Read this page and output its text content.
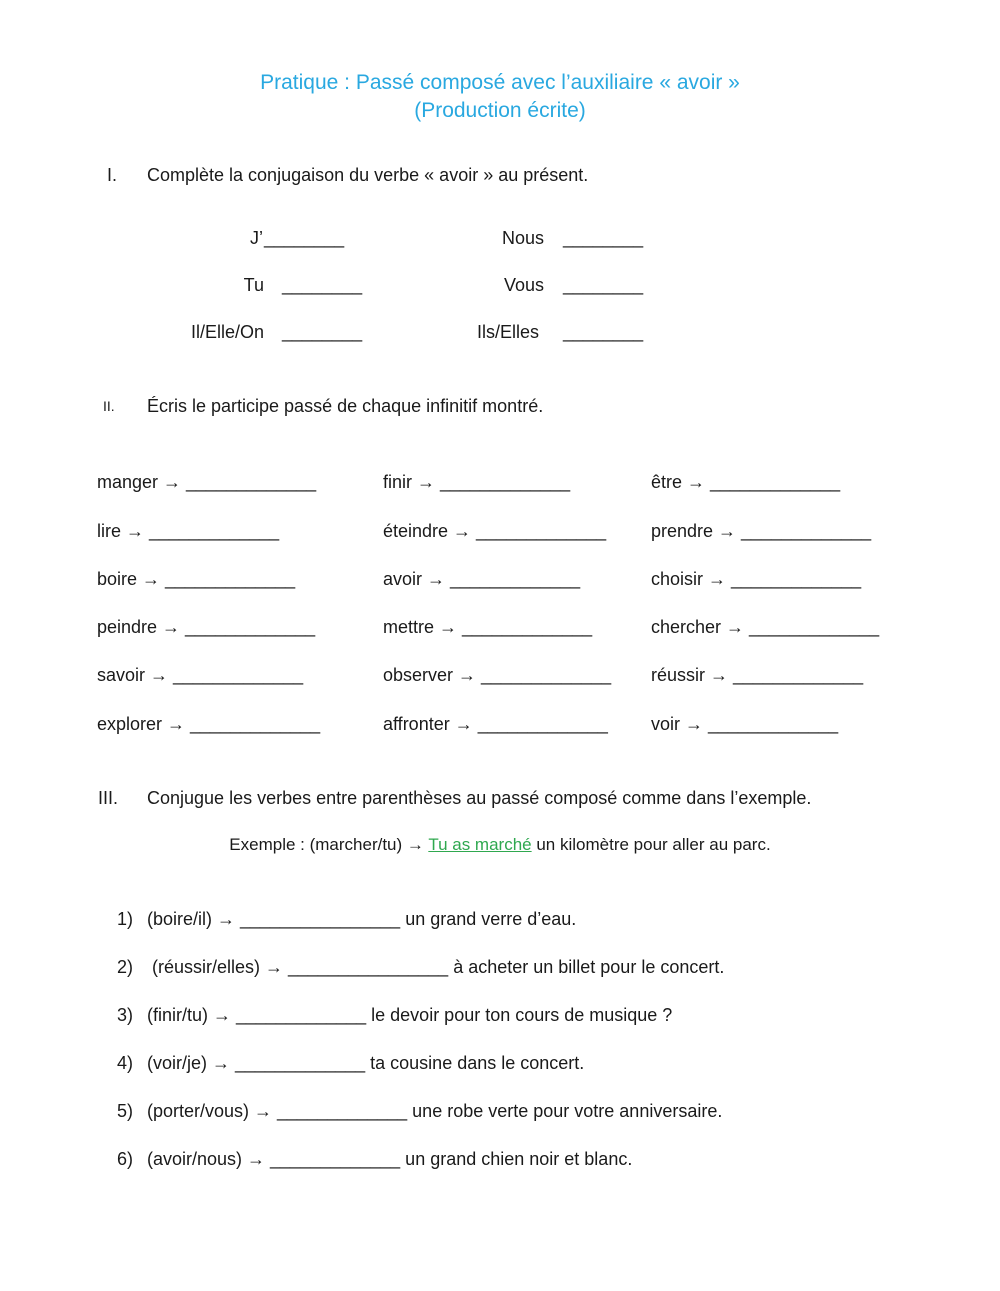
Pratique : Passé composé avec l’auxiliaire « avoir »
(Production écrite)
I. Complète la conjugaison du verbe « avoir » au présent.
J’ ________
Tu ________
Il/Elle/On ________
Nous ________
Vous ________
Ils/Elles ________
II. Écris le participe passé de chaque infinitif montré.
manger → _____________
lire → _____________
boire → _____________
peindre → _____________
savoir → _____________
explorer → _____________
finir → _____________
éteindre → _____________
avoir → _____________
mettre → _____________
observer → _____________
affronter → _____________
être → _____________
prendre → _____________
choisir → _____________
chercher → _____________
réussir → _____________
voir → _____________
III. Conjugue les verbes entre parenthèses au passé composé comme dans l’exemple.
Exemple : (marcher/tu) → Tu as marché un kilomètre pour aller au parc.
1) (boire/il) → ________________ un grand verre d’eau.
2) (réussir/elles) → ________________ à acheter un billet pour le concert.
3) (finir/tu) → _____________ le devoir pour ton cours de musique ?
4) (voir/je) → _____________ ta cousine dans le concert.
5) (porter/vous) → _____________ une robe verte pour votre anniversaire.
6) (avoir/nous) → _____________ un grand chien noir et blanc.
